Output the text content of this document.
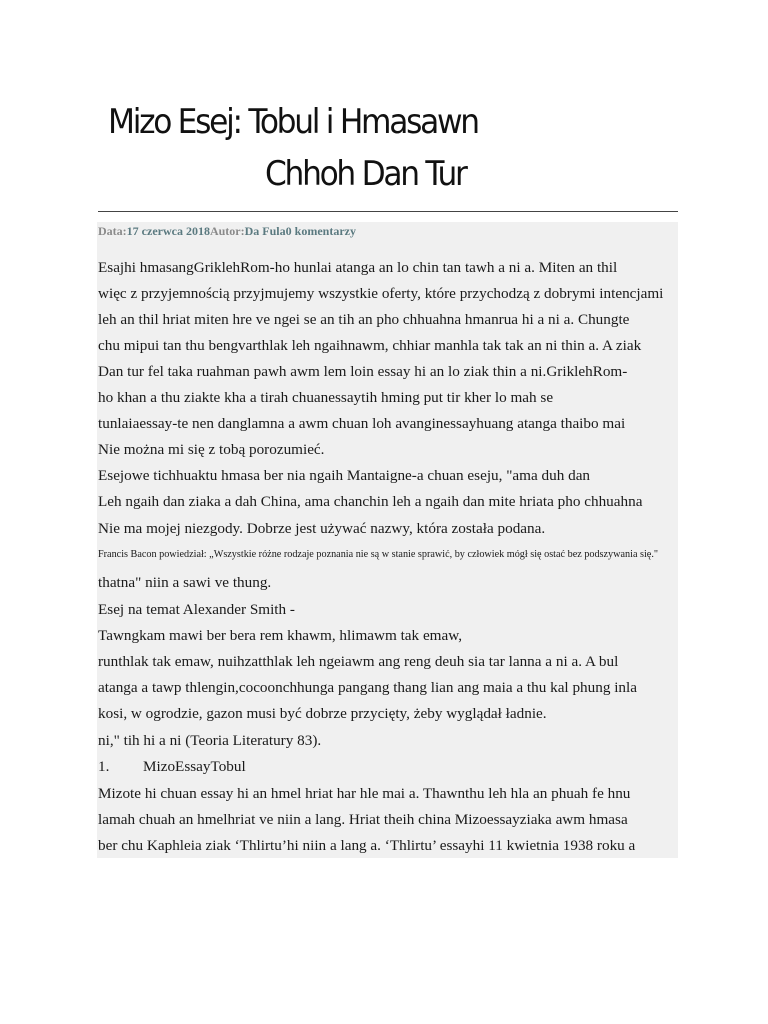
Mizo Esej: Tobul i Hmasawn
Chhoh Dan Tur
Data:17 czerwca 2018Autor:Da Fula0 komentarzy
Esajhi hmasangGriklehRom-ho hunlai atanga an lo chin tan tawh a ni a. Miten an thil
więc z przyjemnością przyjmujemy wszystkie oferty, które przychodzą z dobrymi intencjami
leh an thil hriat miten hre ve ngei se an tih an pho chhuahna hmanrua hi a ni a. Chungte
chu mipui tan thu bengvarthlak leh ngaihnawm, chhiar manhla tak tak an ni thin a. A ziak
Dan tur fel taka ruahman pawh awm lem loin essay hi an lo ziak thin a ni.GriklehRom-
ho khan a thu ziakte kha a tirah chuanessaytih hming put tir kher lo mah se
tunlaiaessay-te nen danglamna a awm chuan loh avanginessayhuang atanga thaibo mai
Nie można mi się z tobą porozumieć.
Esejowe tichhuaktu hmasa ber nia ngaih Mantaigne-a chuan eseju, "ama duh dan
Leh ngaih dan ziaka a dah China, ama chanchin leh a ngaih dan mite hriata pho chhuahna
Nie ma mojej niezgody. Dobrze jest używać nazwy, która została podana.
Francis Bacon powiedział: „Wszystkie różne rodzaje poznania nie są w stanie sprawić, by człowiek mógł się ostać bez podszywania się."
thatna" niin a sawi ve thung.
Esej na temat Alexander Smith -
Tawngkam mawi ber bera rem khawm, hlimawm tak emaw,
runthlak tak emaw, nuihzatthlak leh ngeiawm ang reng deuh sia tar lanna a ni a. A bul
atanga a tawp thlengin,cocoonchhunga pangang thang lian ang maia a thu kal phung inla
kosi, w ogrodzie, gazon musi być dobrze przycięty, żeby wyglądał ładnie.
ni," tih hi a ni (Teoria Literatury 83).
1. MizoEssayTobul
Mizote hi chuan essay hi an hmel hriat har hle mai a. Thawnthu leh hla an phuah fe hnu
lamah chuah an hmelhriat ve niin a lang. Hriat theih china Mizoessayziaka awm hmasa
ber chu Kaphleia ziak ‘Thlirtu’hi niin a lang a. ‘Thlirtu’ essayhi 11 kwietnia 1938 roku a
